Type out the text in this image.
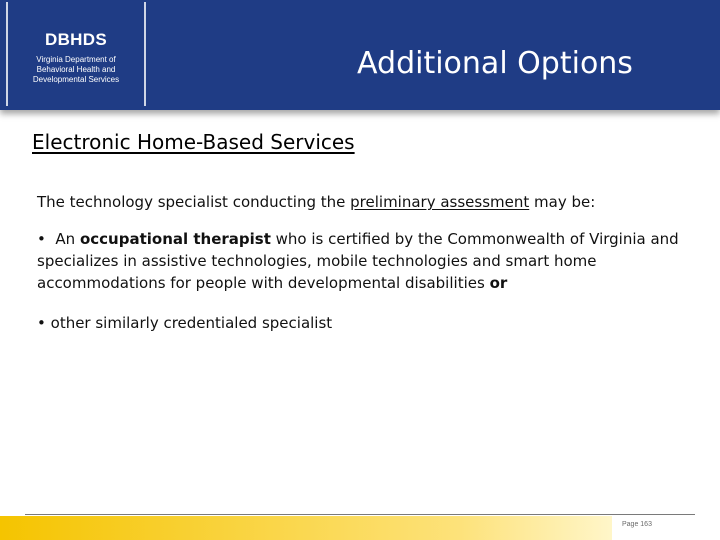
DBHDS
Virginia Department of
Behavioral Health and
Developmental Services	Additional Options
Electronic Home-Based Services
The technology specialist conducting the preliminary assessment may be:
• An occupational therapist who is certified by the Commonwealth of Virginia and specializes in assistive technologies, mobile technologies and smart home accommodations for people with developmental disabilities or
• other similarly credentialed specialist
Page 163
